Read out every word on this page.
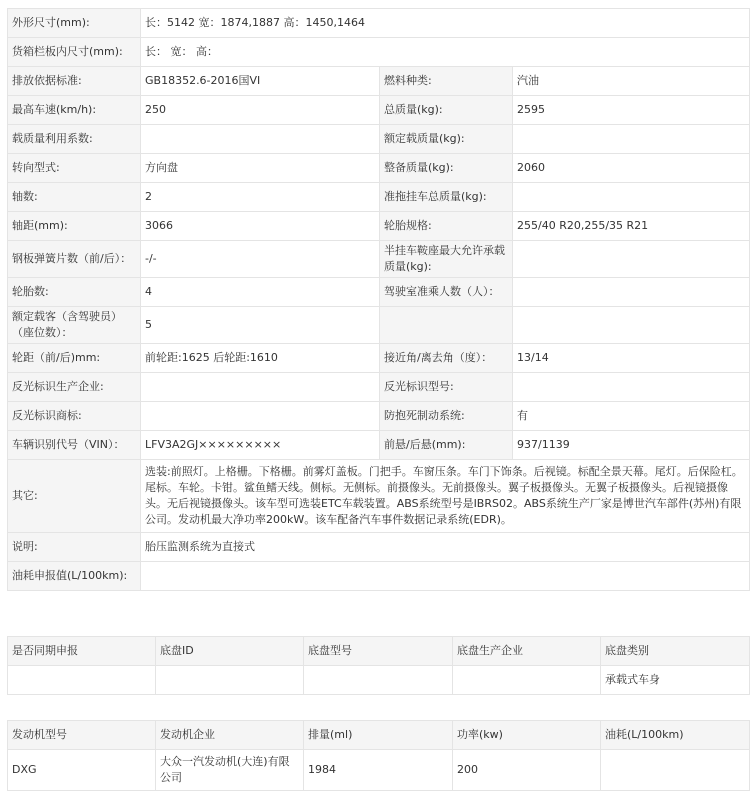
外形尺寸(mm):	长：5142 宽：1874,1887 高：1450,1464		
货箱栏板内尺寸(mm):	长： 宽： 高：		
排放依据标准:	GB18352.6-2016国VI	燃料种类:	汽油
最高车速(km/h):	250	总质量(kg):	2595
载质量利用系数:		额定载质量(kg):	
转向型式:	方向盘	整备质量(kg):	2060
轴数:	2	准拖挂车总质量(kg):	
轴距(mm):	3066	轮胎规格:	255/40 R20,255/35 R21
钢板弹簧片数（前/后）：	-/-	半挂车鞍座最大允许承载质量(kg):	
轮胎数:	4	驾驶室准乘人数（人）：	
额定载客（含驾驶员）（座位数）：	5		
轮距（前/后)mm:	前轮距:1625 后轮距:1610	接近角/离去角（度）：	13/14
反光标识生产企业:		反光标识型号:	
反光标识商标:		防抱死制动系统:	有
车辆识别代号（VIN）：	LFV3A2GJ×××××××××	前悬/后悬(mm):	937/1139
其它:	选装:前照灯。上格栅。下格栅。前雾灯盖板。门把手。车窗压条。车门下饰条。后视镜。标配全景天幕。尾灯。后保险杠。尾标。车轮。卡钳。鲨鱼鳍天线。侧标。无侧标。前摄像头。无前摄像头。翼子板摄像头。无翼子板摄像头。后视镜摄像头。无后视镜摄像头。该车型可选装ETC车载装置。ABS系统型号是IBRS02。ABS系统生产厂家是博世汽车部件(苏州)有限公司。发动机最大净功率200kW。该车配备汽车事件数据记录系统(EDR)。		
说明:	胎压监测系统为直接式		
油耗申报值(L/100km):			
是否同期申报	底盘ID	底盘型号	底盘生产企业	底盘类别
				承载式车身
发动机型号	发动机企业	排量(ml)	功率(kw)	油耗(L/100km)
DXG	大众一汽发动机(大连)有限公司	1984	200	
